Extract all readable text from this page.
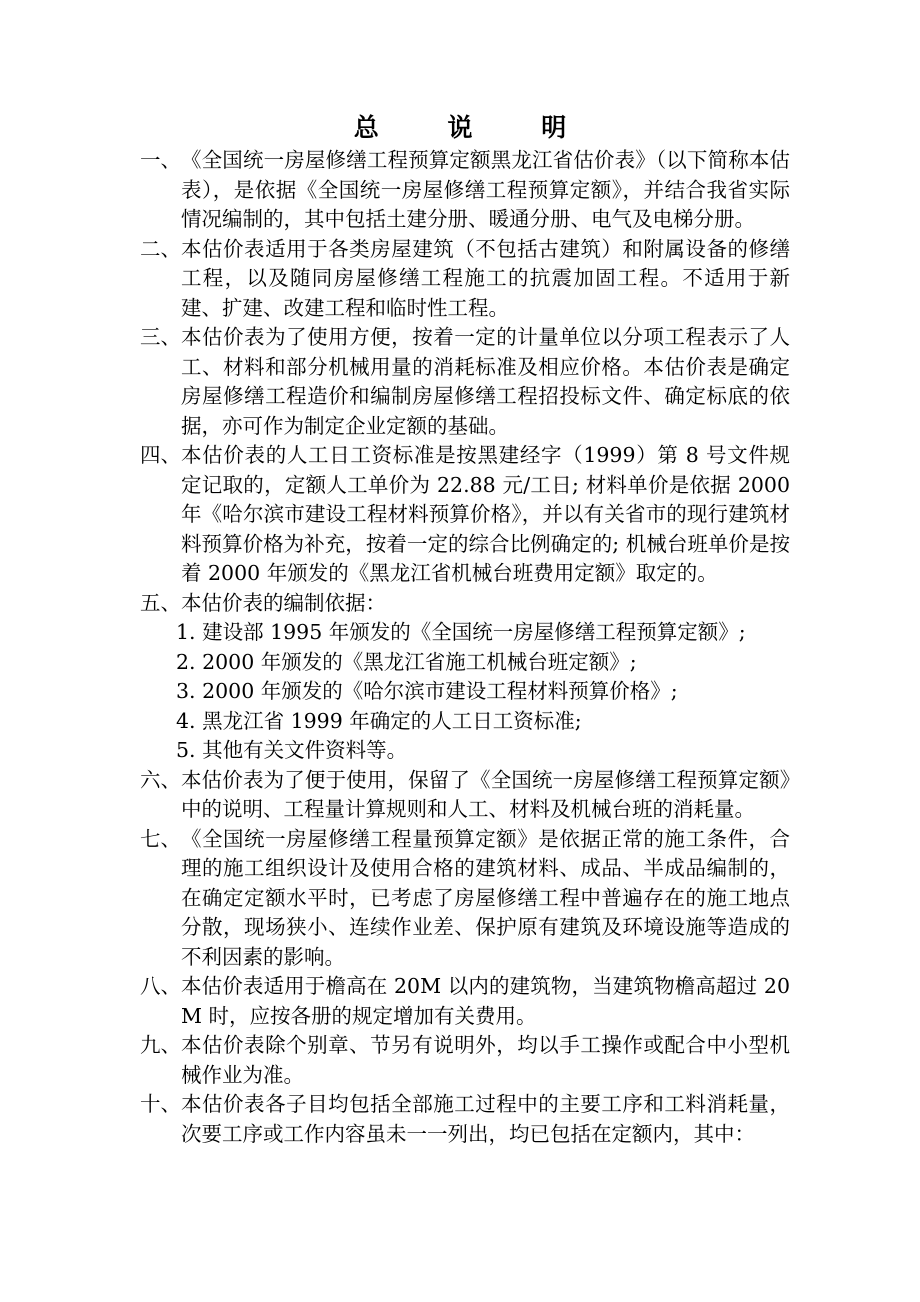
总 说 明
一、 《全国统一房屋修缮工程预算定额黑龙江省估价表》（以下简称本估表），是依据《全国统一房屋修缮工程预算定额》，并结合我省实际情况编制的，其中包括土建分册、暖通分册、电气及电梯分册。
二、 本估价表适用于各类房屋建筑（不包括古建筑）和附属设备的修缮工程，以及随同房屋修缮工程施工的抗震加固工程。不适用于新建、扩建、改建工程和临时性工程。
三、 本估价表为了使用方便，按着一定的计量单位以分项工程表示了人工、材料和部分机械用量的消耗标准及相应价格。本估价表是确定房屋修缮工程造价和编制房屋修缮工程招投标文件、确定标底的依据，亦可作为制定企业定额的基础。
四、 本估价表的人工日工资标准是按黑建经字（1999）第 8 号文件规定记取的，定额人工单价为 22.88 元/工日; 材料单价是依据 2000 年《哈尔滨市建设工程材料预算价格》，并以有关省市的现行建筑材料预算价格为补充，按着一定的综合比例确定的; 机械台班单价是按着 2000 年颁发的《黑龙江省机械台班费用定额》取定的。
五、 本估价表的编制依据：
1. 建设部 1995 年颁发的《全国统一房屋修缮工程预算定额》;
2. 2000 年颁发的《黑龙江省施工机械台班定额》;
3. 2000 年颁发的《哈尔滨市建设工程材料预算价格》;
4. 黑龙江省 1999 年确定的人工日工资标准;
5. 其他有关文件资料等。
六、 本估价表为了便于使用，保留了《全国统一房屋修缮工程预算定额》中的说明、工程量计算规则和人工、材料及机械台班的消耗量。
七、 《全国统一房屋修缮工程量预算定额》是依据正常的施工条件，合理的施工组织设计及使用合格的建筑材料、成品、半成品编制的，在确定定额水平时，已考虑了房屋修缮工程中普遍存在的施工地点分散，现场狭小、连续作业差、保护原有建筑及环境设施等造成的不利因素的影响。
八、 本估价表适用于檐高在 20M 以内的建筑物，当建筑物檐高超过 20M 时，应按各册的规定增加有关费用。
九、 本估价表除个别章、节另有说明外，均以手工操作或配合中小型机械作业为准。
十、 本估价表各子目均包括全部施工过程中的主要工序和工料消耗量，次要工序或工作内容虽未一一列出，均已包括在定额内，其中：
